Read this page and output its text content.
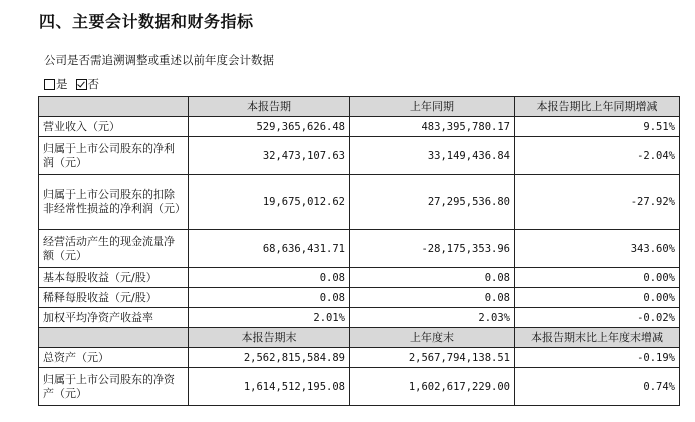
四、主要会计数据和财务指标
公司是否需追溯调整或重述以前年度会计数据
是 否
	本报告期	上年同期	本报告期比上年同期增减
营业收入（元）	529,365,626.48	483,395,780.17	9.51%
归属于上市公司股东的净利润（元）	32,473,107.63	33,149,436.84	-2.04%
归属于上市公司股东的扣除非经常性损益的净利润（元）	19,675,012.62	27,295,536.80	-27.92%
经营活动产生的现金流量净额（元）	68,636,431.71	-28,175,353.96	343.60%
基本每股收益（元/股）	0.08	0.08	0.00%
稀释每股收益（元/股）	0.08	0.08	0.00%
加权平均净资产收益率	2.01%	2.03%	-0.02%
	本报告期末	上年度末	本报告期末比上年度末增减
总资产（元）	2,562,815,584.89	2,567,794,138.51	-0.19%
归属于上市公司股东的净资产（元）	1,614,512,195.08	1,602,617,229.00	0.74%
